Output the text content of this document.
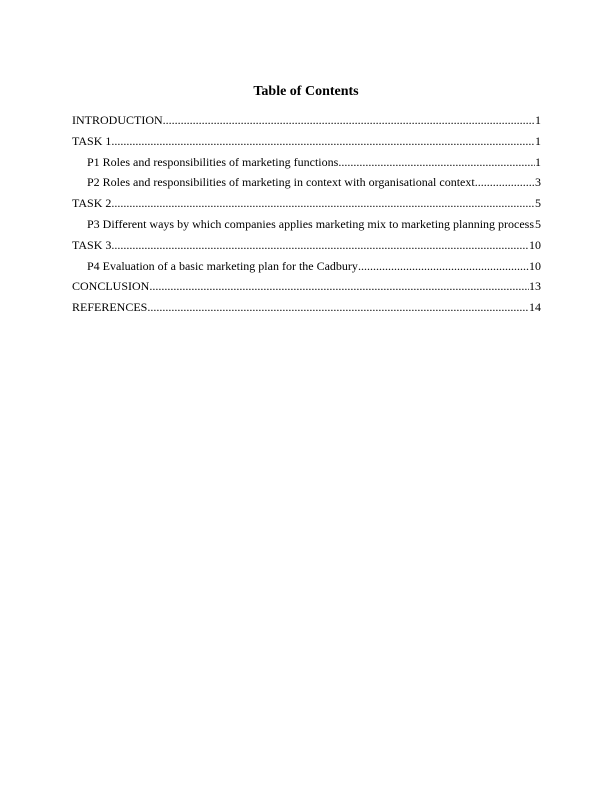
Table of Contents
INTRODUCTION .....	1
TASK 1 .....	1
P1 Roles and responsibilities of marketing functions .....	1
P2 Roles and responsibilities of marketing in context with organisational context .....	3
TASK 2 .....	5
P3 Different ways by which companies applies marketing mix to marketing planning process ..... 5
TASK 3 .....	10
P4 Evaluation of a basic marketing plan for the Cadbury .....	10
CONCLUSION .....	13
REFERENCES .....	14
